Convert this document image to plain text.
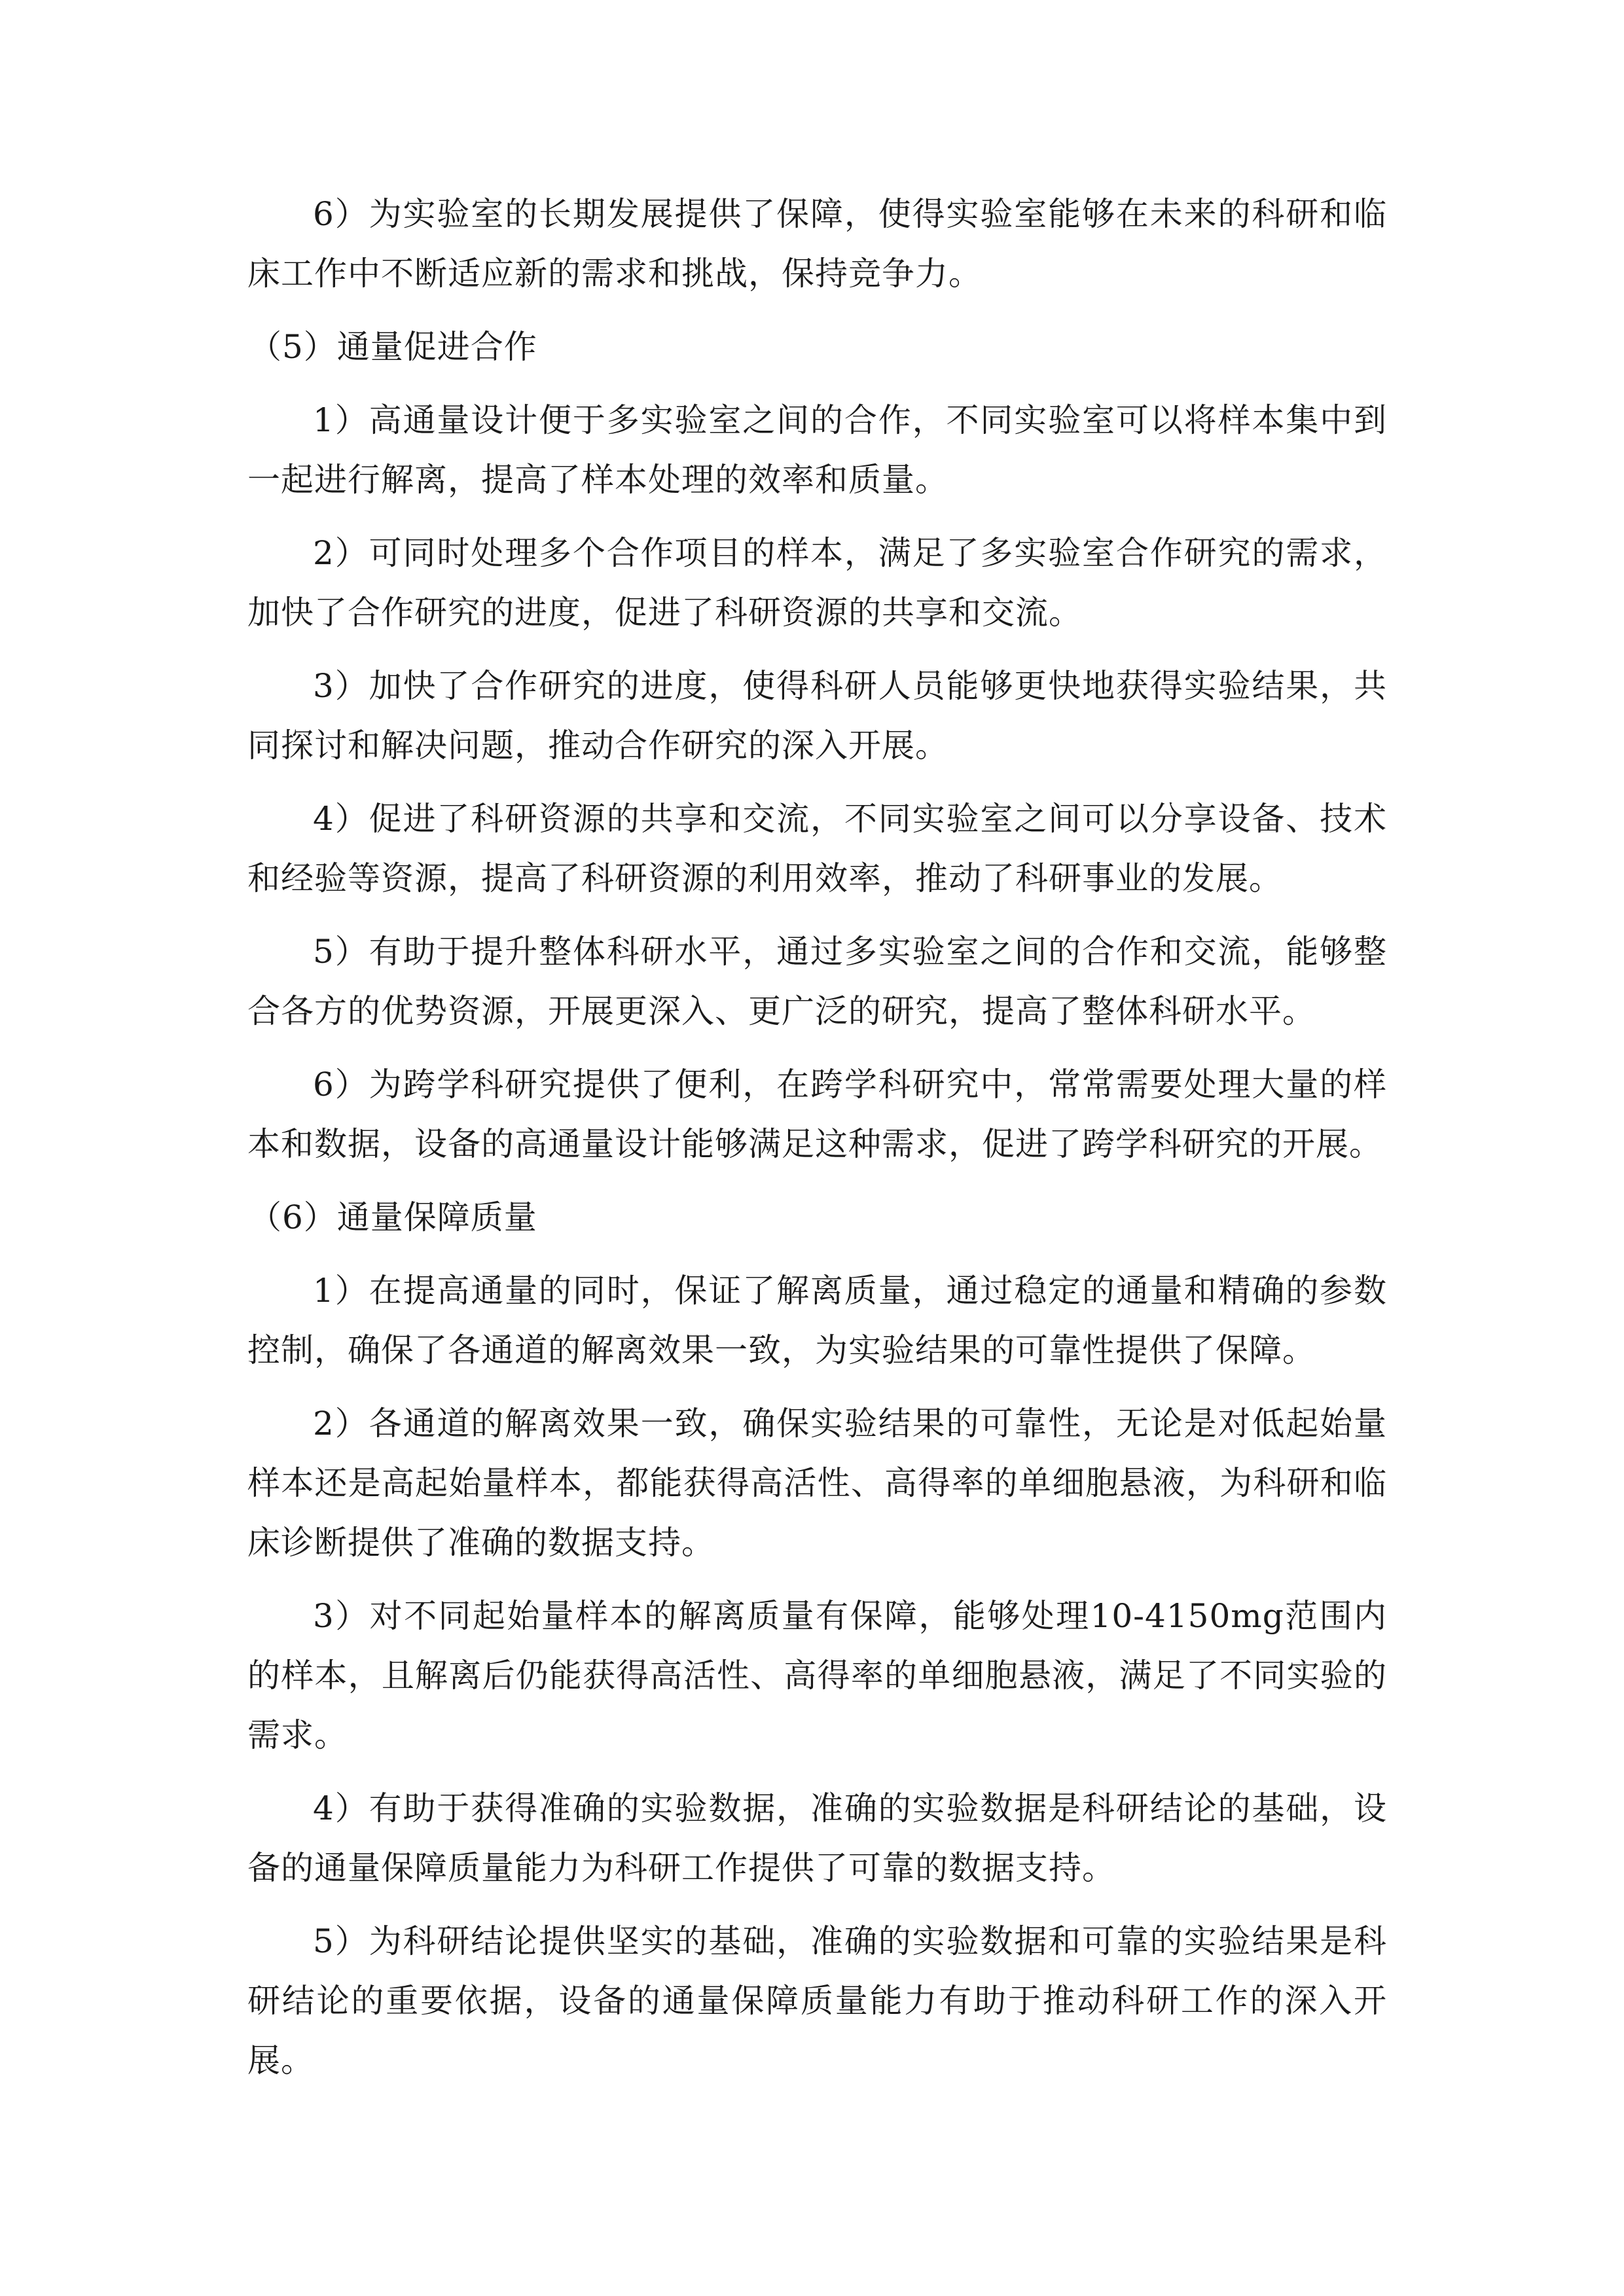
6）为实验室的长期发展提供了保障，使得实验室能够在未来的科研和临床工作中不断适应新的需求和挑战，保持竞争力。

（5）通量促进合作

1）高通量设计便于多实验室之间的合作，不同实验室可以将样本集中到一起进行解离，提高了样本处理的效率和质量。

2）可同时处理多个合作项目的样本，满足了多实验室合作研究的需求，加快了合作研究的进度，促进了科研资源的共享和交流。

3）加快了合作研究的进度，使得科研人员能够更快地获得实验结果，共同探讨和解决问题，推动合作研究的深入开展。

4）促进了科研资源的共享和交流，不同实验室之间可以分享设备、技术和经验等资源，提高了科研资源的利用效率，推动了科研事业的发展。

5）有助于提升整体科研水平，通过多实验室之间的合作和交流，能够整合各方的优势资源，开展更深入、更广泛的研究，提高了整体科研水平。

6）为跨学科研究提供了便利，在跨学科研究中，常常需要处理大量的样本和数据，设备的高通量设计能够满足这种需求，促进了跨学科研究的开展。

（6）通量保障质量

1）在提高通量的同时，保证了解离质量，通过稳定的通量和精确的参数控制，确保了各通道的解离效果一致，为实验结果的可靠性提供了保障。

2）各通道的解离效果一致，确保实验结果的可靠性，无论是对低起始量样本还是高起始量样本，都能获得高活性、高得率的单细胞悬液，为科研和临床诊断提供了准确的数据支持。

3）对不同起始量样本的解离质量有保障，能够处理10-4150mg范围内的样本，且解离后仍能获得高活性、高得率的单细胞悬液，满足了不同实验的需求。

4）有助于获得准确的实验数据，准确的实验数据是科研结论的基础，设备的通量保障质量能力为科研工作提供了可靠的数据支持。

5）为科研结论提供坚实的基础，准确的实验数据和可靠的实验结果是科研结论的重要依据，设备的通量保障质量能力有助于推动科研工作的深入开展。
